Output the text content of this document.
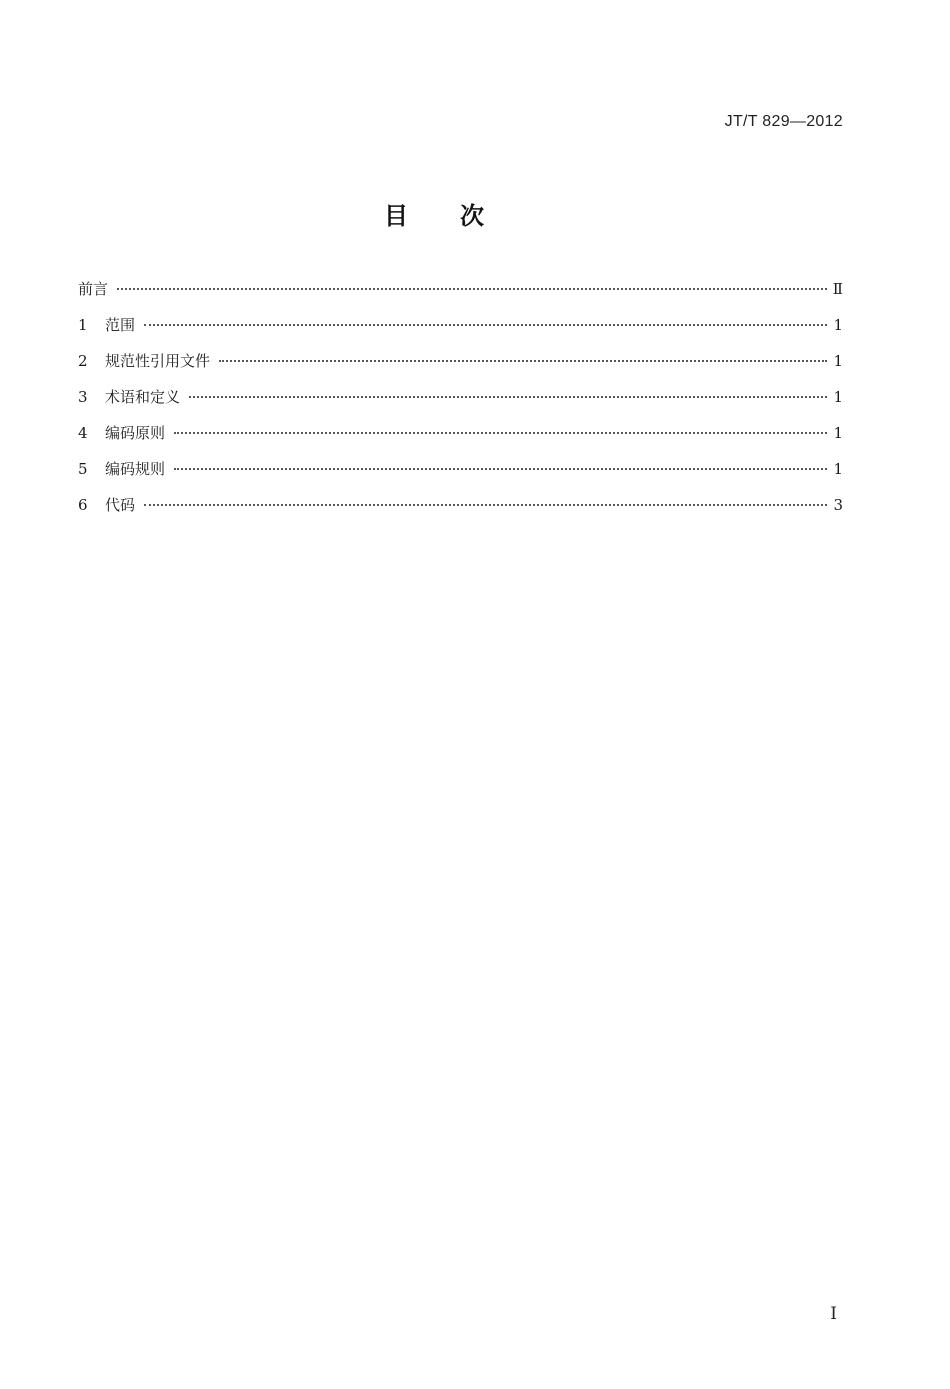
JT/T 829—2012
目次
前言	Ⅱ
1	范围	1
2	规范性引用文件	1
3	术语和定义	1
4	编码原则	1
5	编码规则	1
6	代码	3
I
